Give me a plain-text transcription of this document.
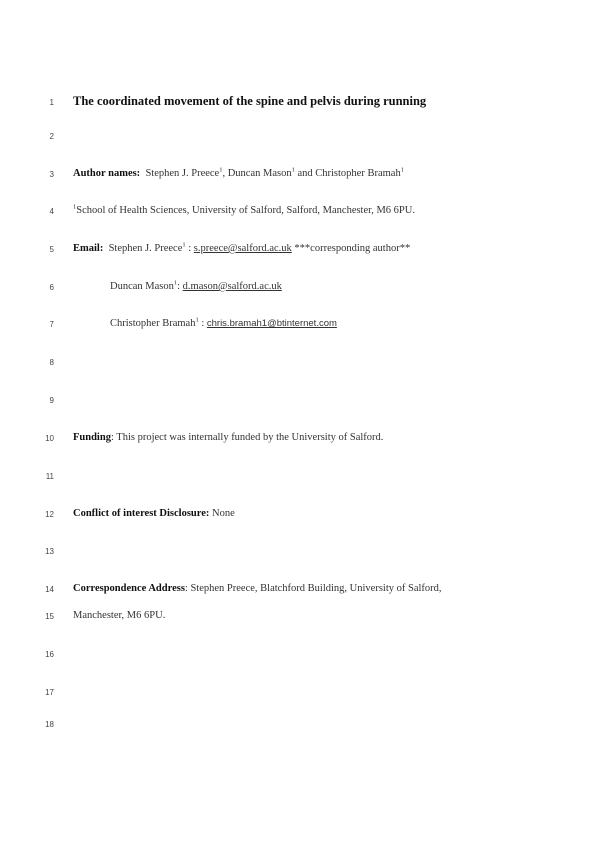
1 The coordinated movement of the spine and pelvis during running
2
3 Author names: Stephen J. Preece$^1$, Duncan Mason$^1$ and Christopher Bramah$^1$
4	$^1$School of Health Sciences, University of Salford, Salford, Manchester, M6 6PU.
5 Email: Stephen J. Preece$^1$ : s.preece@salford.ac.uk ***corresponding author**
6	Duncan Mason$^1$: d.mason@salford.ac.uk
7	Christopher Bramah$^1$ : chris.bramah1@btinternet.com
8
9
10 Funding: This project was internally funded by the University of Salford.
11
12 Conflict of interest Disclosure: None
13
14 Correspondence Address: Stephen Preece, Blatchford Building, University of Salford,
15 Manchester, M6 6PU.
16
17
18
